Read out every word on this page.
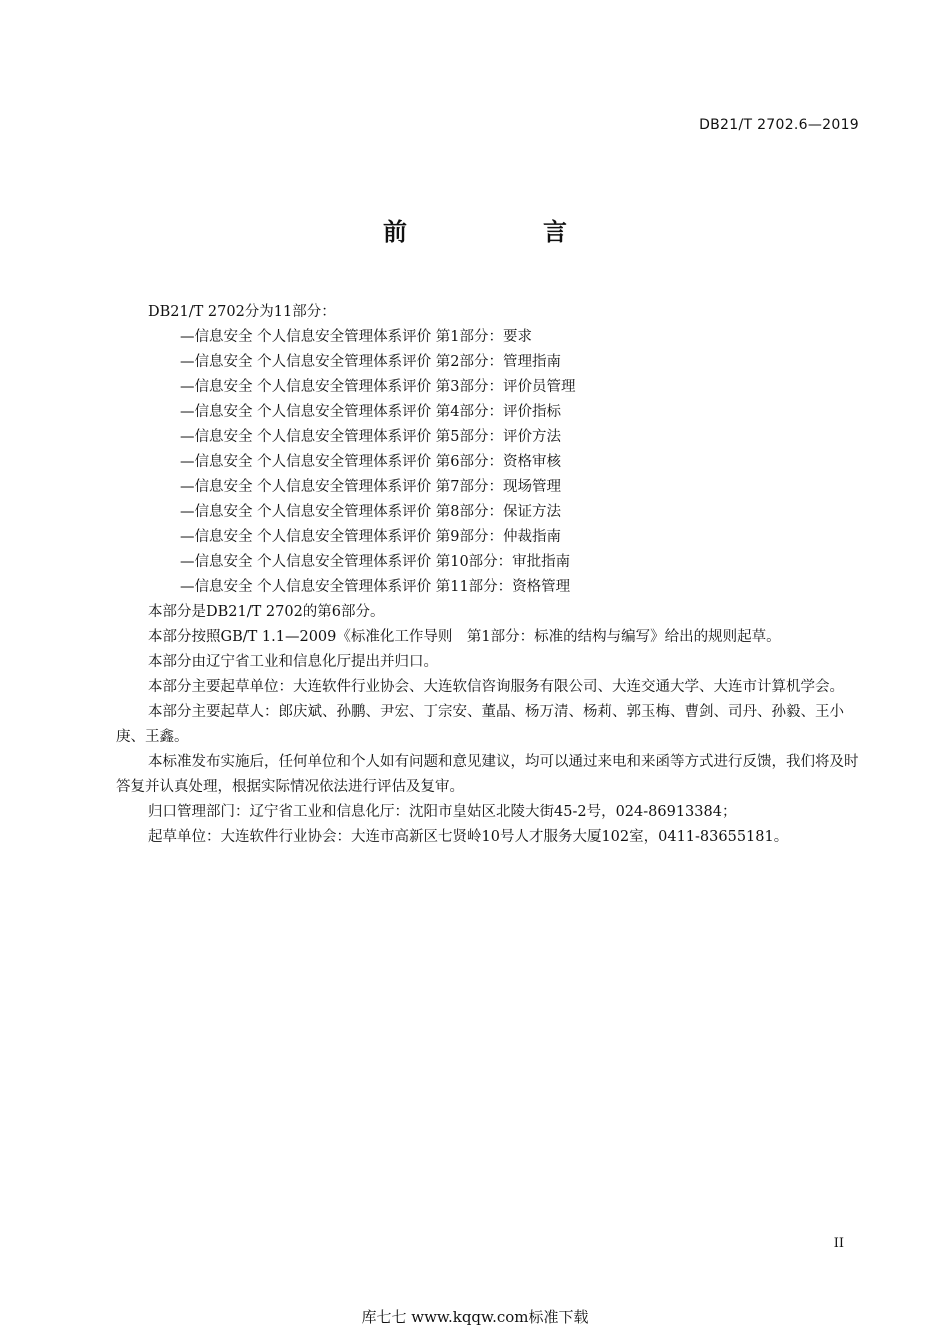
DB21/T 2702.6—2019
前　言

DB21/T 2702分为11部分：

—信息安全 个人信息安全管理体系评价 第1部分：要求

—信息安全 个人信息安全管理体系评价 第2部分：管理指南

—信息安全 个人信息安全管理体系评价 第3部分：评价员管理

—信息安全 个人信息安全管理体系评价 第4部分：评价指标

—信息安全 个人信息安全管理体系评价 第5部分：评价方法

—信息安全 个人信息安全管理体系评价 第6部分：资格审核

—信息安全 个人信息安全管理体系评价 第7部分：现场管理

—信息安全 个人信息安全管理体系评价 第8部分：保证方法

—信息安全 个人信息安全管理体系评价 第9部分：仲裁指南

—信息安全 个人信息安全管理体系评价 第10部分：审批指南

—信息安全 个人信息安全管理体系评价 第11部分：资格管理

本部分是DB21/T 2702的第6部分。

本部分按照GB/T 1.1—2009《标准化工作导则　第1部分：标准的结构与编写》给出的规则起草。

本部分由辽宁省工业和信息化厅提出并归口。

本部分主要起草单位：大连软件行业协会、大连软信咨询服务有限公司、大连交通大学、大连市计算机学会。

本部分主要起草人：郎庆斌、孙鹏、尹宏、丁宗安、董晶、杨万清、杨莉、郭玉梅、曹剑、司丹、孙毅、王小庚、王鑫。

本标准发布实施后，任何单位和个人如有问题和意见建议，均可以通过来电和来函等方式进行反馈，我们将及时答复并认真处理，根据实际情况依法进行评估及复审。

归口管理部门：辽宁省工业和信息化厅：沈阳市皇姑区北陵大街45-2号，024-86913384；

起草单位：大连软件行业协会：大连市高新区七贤岭10号人才服务大厦102室，0411-83655181。

II
库七七 www.kqqw.com标准下载
